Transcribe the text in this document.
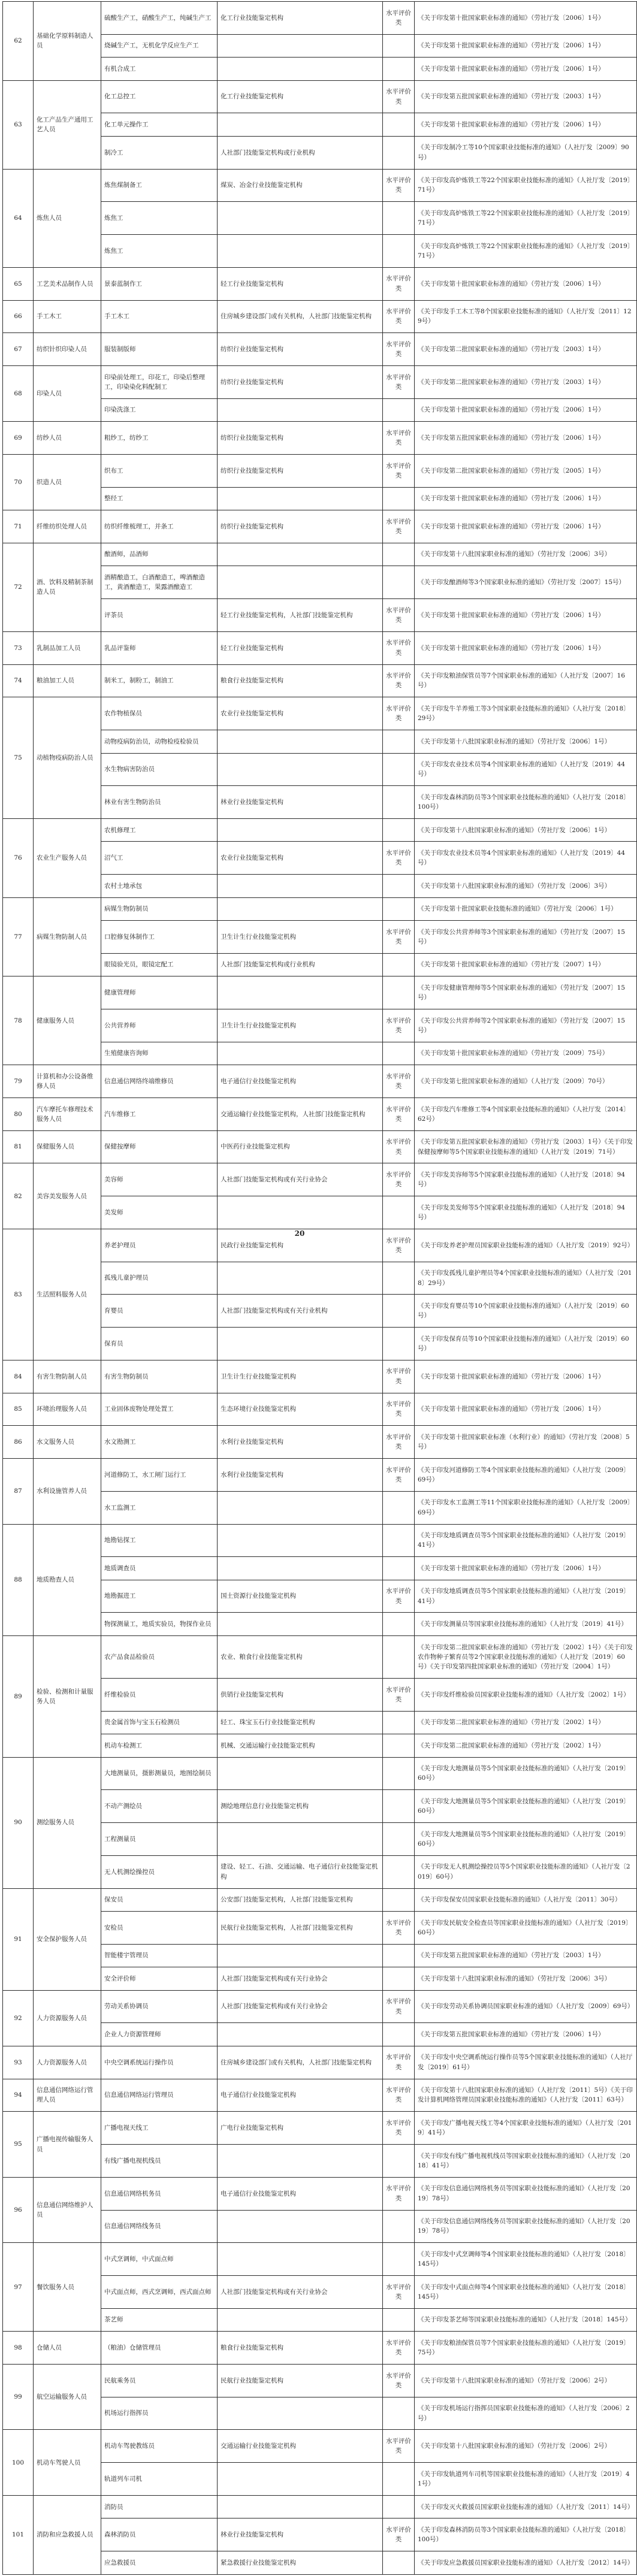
62	基础化学原料制造人员	硫酸生产工，硝酸生产工，纯碱生产工	化工行业技能鉴定机构	水平评价类	《关于印发第十批国家职业标准的通知》（劳社厅发〔2006〕1号）
		烧碱生产工，无机化学反应生产工			《关于印发第十批国家职业标准的通知》（劳社厅发〔2006〕1号）
		有机合成工			《关于印发第十批国家职业标准的通知》（劳社厅发〔2006〕1号）
63	化工产品生产通用工艺人员	化工总控工	化工行业技能鉴定机构	水平评价类	《关于印发第五批国家职业标准的通知》（劳社厅发〔2003〕1号）
		化工单元操作工			《关于印发第十批国家职业标准的通知》（劳社厅发〔2006〕1号）
		制冷工	人社部门技能鉴定机构或行业机构		《关于印发制冷工等10个国家职业技能标准的通知》（人社厅发〔2009〕90号）
64	炼焦人员	炼焦煤制备工	煤炭、冶金行业技能鉴定机构	水平评价类	《关于印发高炉炼铁工等22个国家职业技能标准的通知》（人社厅发〔2019〕71号）
		炼焦工			《关于印发高炉炼铁工等22个国家职业技能标准的通知》（人社厅发〔2019〕71号）
		炼焦工			《关于印发高炉炼铁工等22个国家职业技能标准的通知》（人社厅发〔2019〕71号）
65	工艺美术品制作人员	景泰蓝制作工	轻工行业技能鉴定机构	水平评价类	《关于印发第十批国家职业标准的通知》（劳社厅发〔2006〕1号）
66	手工木工	手工木工	住房城乡建设部门或有关机构，人社部门技能鉴定机构	水平评价类	《关于印发手工木工等8个国家职业技能标准的通知》（人社厅发〔2011〕129号）
67	纺织针织印染人员	服装制版师	纺织行业技能鉴定机构	水平评价类	《关于印发第二批国家职业标准的通知》（劳社厅发〔2003〕1号）
68	印染人员	印染前处理工，印花工，印染后整理工，印染染化料配制工	纺织行业技能鉴定机构	水平评价类	《关于印发第二批国家职业标准的通知》（劳社厅发〔2003〕1号）
		印染洗涤工			《关于印发第十批国家职业标准的通知》（劳社厅发〔2006〕1号）
69	纺纱人员	粗纱工，纺纱工	纺织行业技能鉴定机构	水平评价类	《关于印发第五批国家职业标准的通知》（劳社厅发〔2006〕1号）
70	织造人员	织布工	纺织行业技能鉴定机构	水平评价类	《关于印发第二批国家职业标准的通知》（劳社厅发〔2005〕1号）
		整经工			《关于印发第十批国家职业标准的通知》（劳社厅发〔2006〕1号）
71	纤维纺织处理人员	纺织纤维梳理工，并条工	纺织行业技能鉴定机构	水平评价类	《关于印发第十批国家职业标准的通知》（劳社厅发〔2006〕1号）
72	酒、饮料及精制茶制造人员	酿酒师，品酒师			《关于印发第十八批国家职业标准的通知》（劳社厅发〔2006〕3号）
		酒精酿造工，白酒酿造工，啤酒酿造工，黄酒酿造工，果露酒酿造工			《关于印发酿酒师等3个国家职业标准的通知》（劳社厅发〔2007〕15号）
		评茶员	轻工行业技能鉴定机构，人社部门技能鉴定机构	水平评价类	《关于印发第十批国家职业标准的通知》（劳社厅发〔2006〕1号）
73	乳制品加工人员	乳品评鉴师	轻工行业技能鉴定机构	水平评价类	《关于印发第十批国家职业标准的通知》（劳社厅发〔2006〕1号）
74	粮油加工人员	制米工，制粉工，制油工	粮食行业技能鉴定机构	水平评价类	《关于印发粮油保管员等7个国家职业标准的通知》（人社厅发〔2007〕16号）
75	动植物疫病防治人员	农作物植保员	农业行业技能鉴定机构	水平评价类	《关于印发牛羊养殖工等3个国家职业技能标准的通知》（人社厅发〔2018〕29号）
		动物疫病防治员，动物检疫检验员			《关于印发第十八批国家职业标准的通知》（劳社厅发〔2006〕1号）
		水生物病害防治员			《关于印发农业技术员等4个国家职业标准的通知》（人社厅发〔2019〕44号）
		林业有害生物防治员	林业行业技能鉴定机构		《关于印发森林消防员等3个国家职业技能标准的通知》（人社厅发〔2018〕100号）
76	农业生产服务人员	农机修理工			《关于印发第十八批国家职业标准的通知》（劳社厅发〔2006〕1号）
		沼气工	农业行业技能鉴定机构	水平评价类	《关于印发农业技术员等4个国家职业标准的通知》（人社厅发〔2019〕44号）
		农村土地承包			《关于印发第十八批国家职业标准的通知》（劳社厅发〔2006〕3号）
77	病媒生物防制人员	病媒生物防制员			《关于印发第十批国家职业技能标准的通知》（劳社厅发〔2006〕1号）
		口腔修复体制作工	卫生计生行业技能鉴定机构	水平评价类	《关于印发公共营养师等3个国家职业标准的通知》（劳社厅发〔2007〕15号）
		眼镜验光员，眼镜定配工	人社部门技能鉴定机构或行业机构		《关于印发第十批国家职业标准的通知》（劳社厅发〔2007〕1号）
78	健康服务人员	健康管理师			《关于印发健康管理师等5个国家职业标准的通知》（劳社厅发〔2007〕15号）
		公共营养师	卫生计生行业技能鉴定机构	水平评价类	《关于印发公共营养师等2个国家职业标准的通知》（劳社厅发〔2007〕15号）
		生殖健康咨询师			《关于印发第十批国家职业标准的通知》（劳社厅发〔2009〕75号）
79	计算机和办公设备维修人员	信息通信网络终端维修员	电子通信行业技能鉴定机构	水平评价类	《关于印发第七批国家职业标准的通知》（人社厅发〔2009〕70号）
80	汽车摩托车修理技术服务人员	汽车维修工	交通运输行业技能鉴定机构，人社部门技能鉴定机构	水平评价类	《关于印发汽车维修工等4个国家职业技能标准的通知》（人社厅发〔2014〕62号）
81	保健服务人员	保健按摩师	中医药行业技能鉴定机构	水平评价类	《关于印发第五批国家职业标准的通知》（劳社厅发〔2003〕1号）《关于印发保健按摩师等5个国家职业技能标准的通知》（人社厅发〔2019〕71号）
82	美容美发服务人员	美容师	人社部门技能鉴定机构或有关行业协会	水平评价类	《关于印发美容师等5个国家职业技能标准的通知》（人社厅发〔2018〕94号）
		美发师			《关于印发美发师等5个国家职业技能标准的通知》（人社厅发〔2018〕94号）
83	生活照料服务人员	养老护理员	民政行业技能鉴定机构	水平评价类	《关于印发养老护理员国家职业技能标准的通知》（人社厅发〔2019〕92号）
		孤残儿童护理员			《关于印发孤残儿童护理员等4个国家职业技能标准的通知》（人社厅发〔2018〕29号）
		育婴员	人社部门技能鉴定机构或有关行业机构		《关于印发育婴员等10个国家职业技能标准的通知》（人社厅发〔2019〕60号）
		保育员			《关于印发保育员等10个国家职业技能标准的通知》（人社厅发〔2019〕60号）
84	有害生物防制人员	有害生物防制员	卫生计生行业技能鉴定机构	水平评价类	《关于印发第十批国家职业标准的通知》（劳社厅发〔2006〕1号）
85	环境治理服务人员	工业固体废物处理处置工	生态环境行业技能鉴定机构	水平评价类	《关于印发第十批国家职业标准的通知》（劳社厅发〔2006〕1号）
86	水文服务人员	水文勘测工	水利行业技能鉴定机构	水平评价类	《关于印发第十批国家职业标准（水利行业）的通知》（劳社厅发〔2008〕5号）
87	水利设施管养人员	河道修防工，水工闸门运行工	水利行业技能鉴定机构	水平评价类	《关于印发河道修防工等4个国家职业技能标准的通知》（人社厅发〔2009〕69号）
		水工监测工			《关于印发水工监测工等11个国家职业技能标准的通知》（人社厅发〔2009〕69号）
88	地质勘查人员	地勘钻探工			《关于印发地质调查员等5个国家职业技能标准的通知》（人社厅发〔2019〕41号）
		地质调查员			《关于印发第十批国家职业标准的通知》（劳社厅发〔2006〕1号）
		地勘掘进工	国土资源行业技能鉴定机构	水平评价类	《关于印发地质调查员等5个国家职业技能标准的通知》（人社厅发〔2019〕41号）
		物探测量工，地质实验员，物探作业员			《关于印发测量员等国家职业技能标准的通知》（人社厅发〔2019〕41号）
89	检验、检测和计量服务人员	农产品食品检验员	农业、粮食行业技能鉴定机构		《关于印发第二批国家职业标准的通知》（劳社厅发〔2002〕1号）《关于印发农作物种子繁育员等2个国家职业技能标准的通知》（人社厅发〔2019〕60号）《关于印发第四批国家职业标准的通知》（劳社厅发〔2004〕1号）
		纤维检验员	供销行业技能鉴定机构	水平评价类	《关于印发纤维检验员国家职业技能标准的通知》（人社厅发〔2002〕1号）
		贵金属首饰与宝玉石检测员	轻工、珠宝玉石行业技能鉴定机构		《关于印发第二批国家职业标准的通知》（劳社厅发〔2002〕1号）
		机动车检测工	机械、交通运输行业技能鉴定机构		《关于印发第二批国家职业标准的通知》（劳社厅发〔2002〕1号）
90	测绘服务人员	大地测量员，摄影测量员，地图绘制员			《关于印发大地测量员等5个国家职业技能标准的通知》（人社厅发〔2019〕60号）
		不动产测绘员	测绘地理信息行业技能鉴定机构		《关于印发大地测量员等5个国家职业技能标准的通知》（人社厅发〔2019〕60号）
		工程测量员			《关于印发大地测量员等5个国家职业技能标准的通知》（人社厅发〔2019〕60号）
		无人机测绘操控员	建设、轻工、石油、交通运输、电子通信行业技能鉴定机构		《关于印发无人机测绘操控员等5个国家职业技能标准的通知》（人社厅发〔2019〕60号）
91	安全保护服务人员	保安员	公安部门技能鉴定机构，人社部门技能鉴定机构		《关于印发保安员国家职业技能标准的通知》（人社厅发〔2011〕30号）
		安检员	民航行业技能鉴定机构，人社部门技能鉴定机构	水平评价类	《关于印发民航安全检查员等国家职业技能标准的通知》（人社厅发〔2019〕60号）
		智能楼宇管理员			《关于印发第五批国家职业标准的通知》（劳社厅发〔2003〕1号）
		安全评价师	人社部门技能鉴定机构或有关行业协会		《关于印发第十八批国家职业标准的通知》（劳社厅发〔2006〕3号）
92	人力资源服务人员	劳动关系协调员	人社部门技能鉴定机构或有关行业协会	水平评价类	《关于印发劳动关系协调员国家职业标准的通知》（人社厅发〔2009〕69号）
		企业人力资源管理师			《关于印发第五批国家职业标准的通知》（劳社厅发〔2006〕1号）
93	人力资源服务人员	中央空调系统运行操作员	住房城乡建设部门或有关机构，人社部门技能鉴定机构	水平评价类	《关于印发中央空调系统运行操作员等5个国家职业技能标准的通知》（人社厅发〔2019〕61号）
94	信息通信网络运行管理人员	信息通信网络运行管理员	电子通信行业技能鉴定机构	水平评价类	《关于印发第十八批国家职业标准的通知》（人社厅发〔2011〕5号）《关于印发计算机网络管理员国家职业技能标准的通知》（人社厅发〔2011〕63号）
95	广播电视传输服务人员	广播电视天线工	广电行业技能鉴定机构	水平评价类	《关于印发广播电视天线工等4个国家职业技能标准的通知》（人社厅发〔2019〕41号）
		有线广播电视机线员			《关于印发有线广播电视机线员等国家职业技能标准的通知》（人社厅发〔2018〕41号）
96	信息通信网络维护人员	信息通信网络机务员	电子通信行业技能鉴定机构	水平评价类	《关于印发信息通信网络机务员等国家职业技能标准的通知》（人社厅发〔2019〕78号）
		信息通信网络线务员			《关于印发信息通信网络线务员等国家职业技能标准的通知》（人社厅发〔2019〕78号）
97	餐饮服务人员	中式烹调师，中式面点师			《关于印发中式烹调师等4个国家职业技能标准的通知》（人社厅发〔2018〕145号）
		中式面点师，西式烹调师，西式面点师	人社部门技能鉴定机构或有关行业协会	水平评价类	《关于印发中式面点师等4个国家职业技能标准的通知》（人社厅发〔2018〕145号）
		茶艺师			《关于印发茶艺师等国家职业技能标准的通知》（人社厅发〔2018〕145号）
98	仓储人员	（粮油）仓储管理员	粮食行业技能鉴定机构	水平评价类	《关于印发粮油保管员等7个国家职业技能标准的通知》（人社厅发〔2019〕75号）
99	航空运输服务人员	民航乘务员	民航行业技能鉴定机构	水平评价类	《关于印发第十八批国家职业标准的通知》（劳社厅发〔2006〕2号）
		机场运行指挥员			《关于印发机场运行指挥员国家职业技能标准的通知》（人社厅发〔2006〕2号）
100	机动车驾驶人员	机动车驾驶教练员	交通运输行业技能鉴定机构	水平评价类	《关于印发第十八批国家职业标准的通知》（劳社厅发〔2006〕2号）
		轨道列车司机			《关于印发轨道列车司机等国家职业技能标准的通知》（人社厅发〔2019〕41号）
101	消防和应急救援人员	消防员			《关于印发灭火救援员国家职业技能标准的通知》（人社厅发〔2011〕14号）
		森林消防员	林业行业技能鉴定机构	水平评价类	《关于印发森林消防员等3个国家职业技能标准的通知》（人社厅发〔2018〕100号）
		应急救援员	紧急救援行业技能鉴定机构		《关于印发应急救援员国家职业技能标准的通知》（人社厅发〔2012〕14号）
20
